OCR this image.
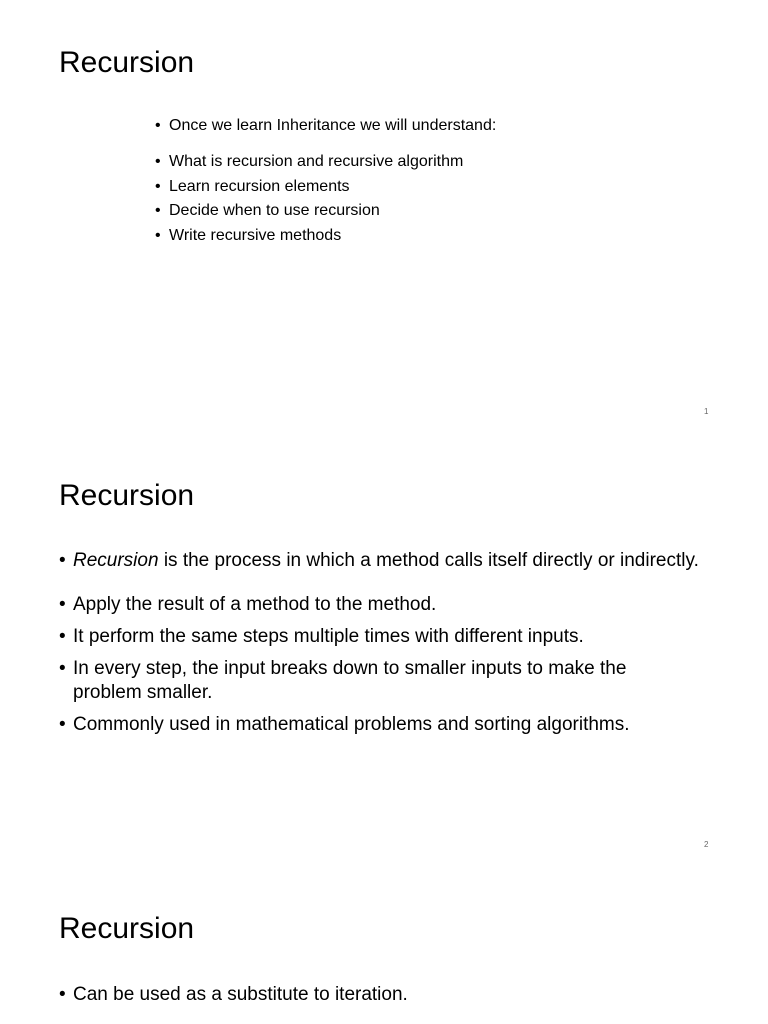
Recursion
• Once we learn Inheritance we will understand:
• What is recursion and recursive algorithm
• Learn recursion elements
• Decide when to use recursion
• Write recursive methods
1
Recursion
• Recursion is the process in which a method calls itself directly or indirectly.
• Apply the result of a method to the method.
• It perform the same steps multiple times with different inputs.
• In every step, the input breaks down to smaller inputs to make the problem smaller.
• Commonly used in mathematical problems and sorting algorithms.
2
Recursion
• Can be used as a substitute to iteration.
